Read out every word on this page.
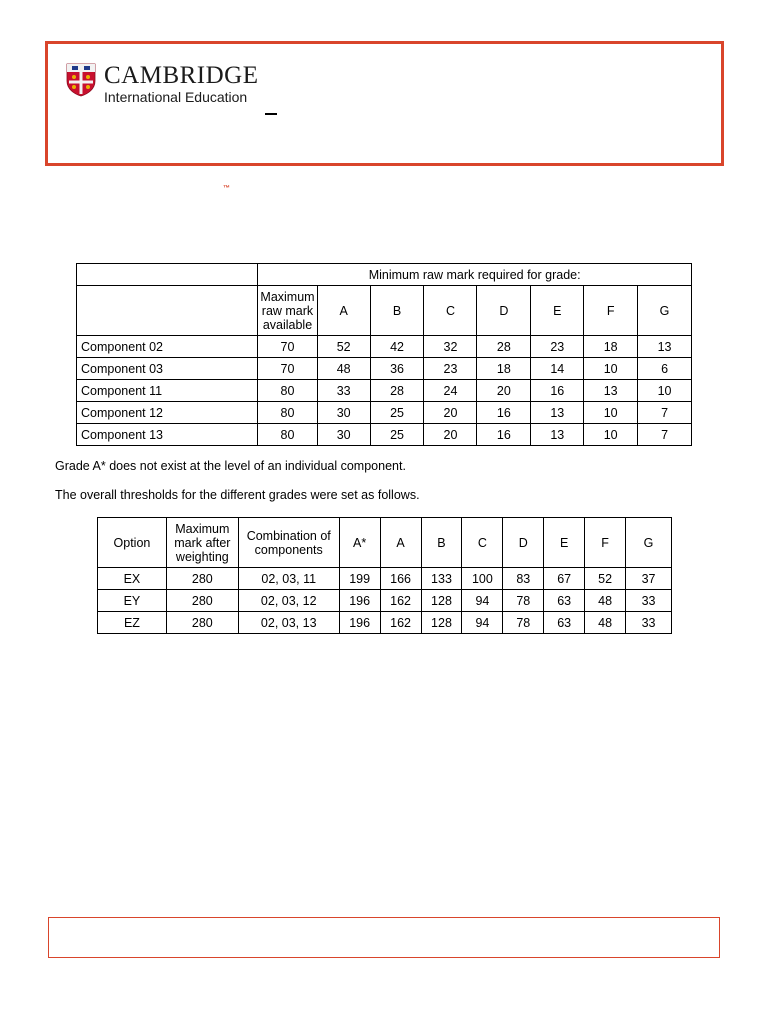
CAMBRIDGE
International Education
™
	Minimum raw mark required for grade:							
	Maximum raw mark available	A	B	C	D	E	F	G
Component 02	70	52	42	32	28	23	18	13
Component 03	70	48	36	23	18	14	10	6
Component 11	80	33	28	24	20	16	13	10
Component 12	80	30	25	20	16	13	10	7
Component 13	80	30	25	20	16	13	10	7
Grade A* does not exist at the level of an individual component.
The overall thresholds for the different grades were set as follows.
Option	Maximum mark after weighting	Combination of components	A*	A	B	C	D	E	F	G
EX	280	02, 03, 11	199	166	133	100	83	67	52	37
EY	280	02, 03, 12	196	162	128	94	78	63	48	33
EZ	280	02, 03, 13	196	162	128	94	78	63	48	33
